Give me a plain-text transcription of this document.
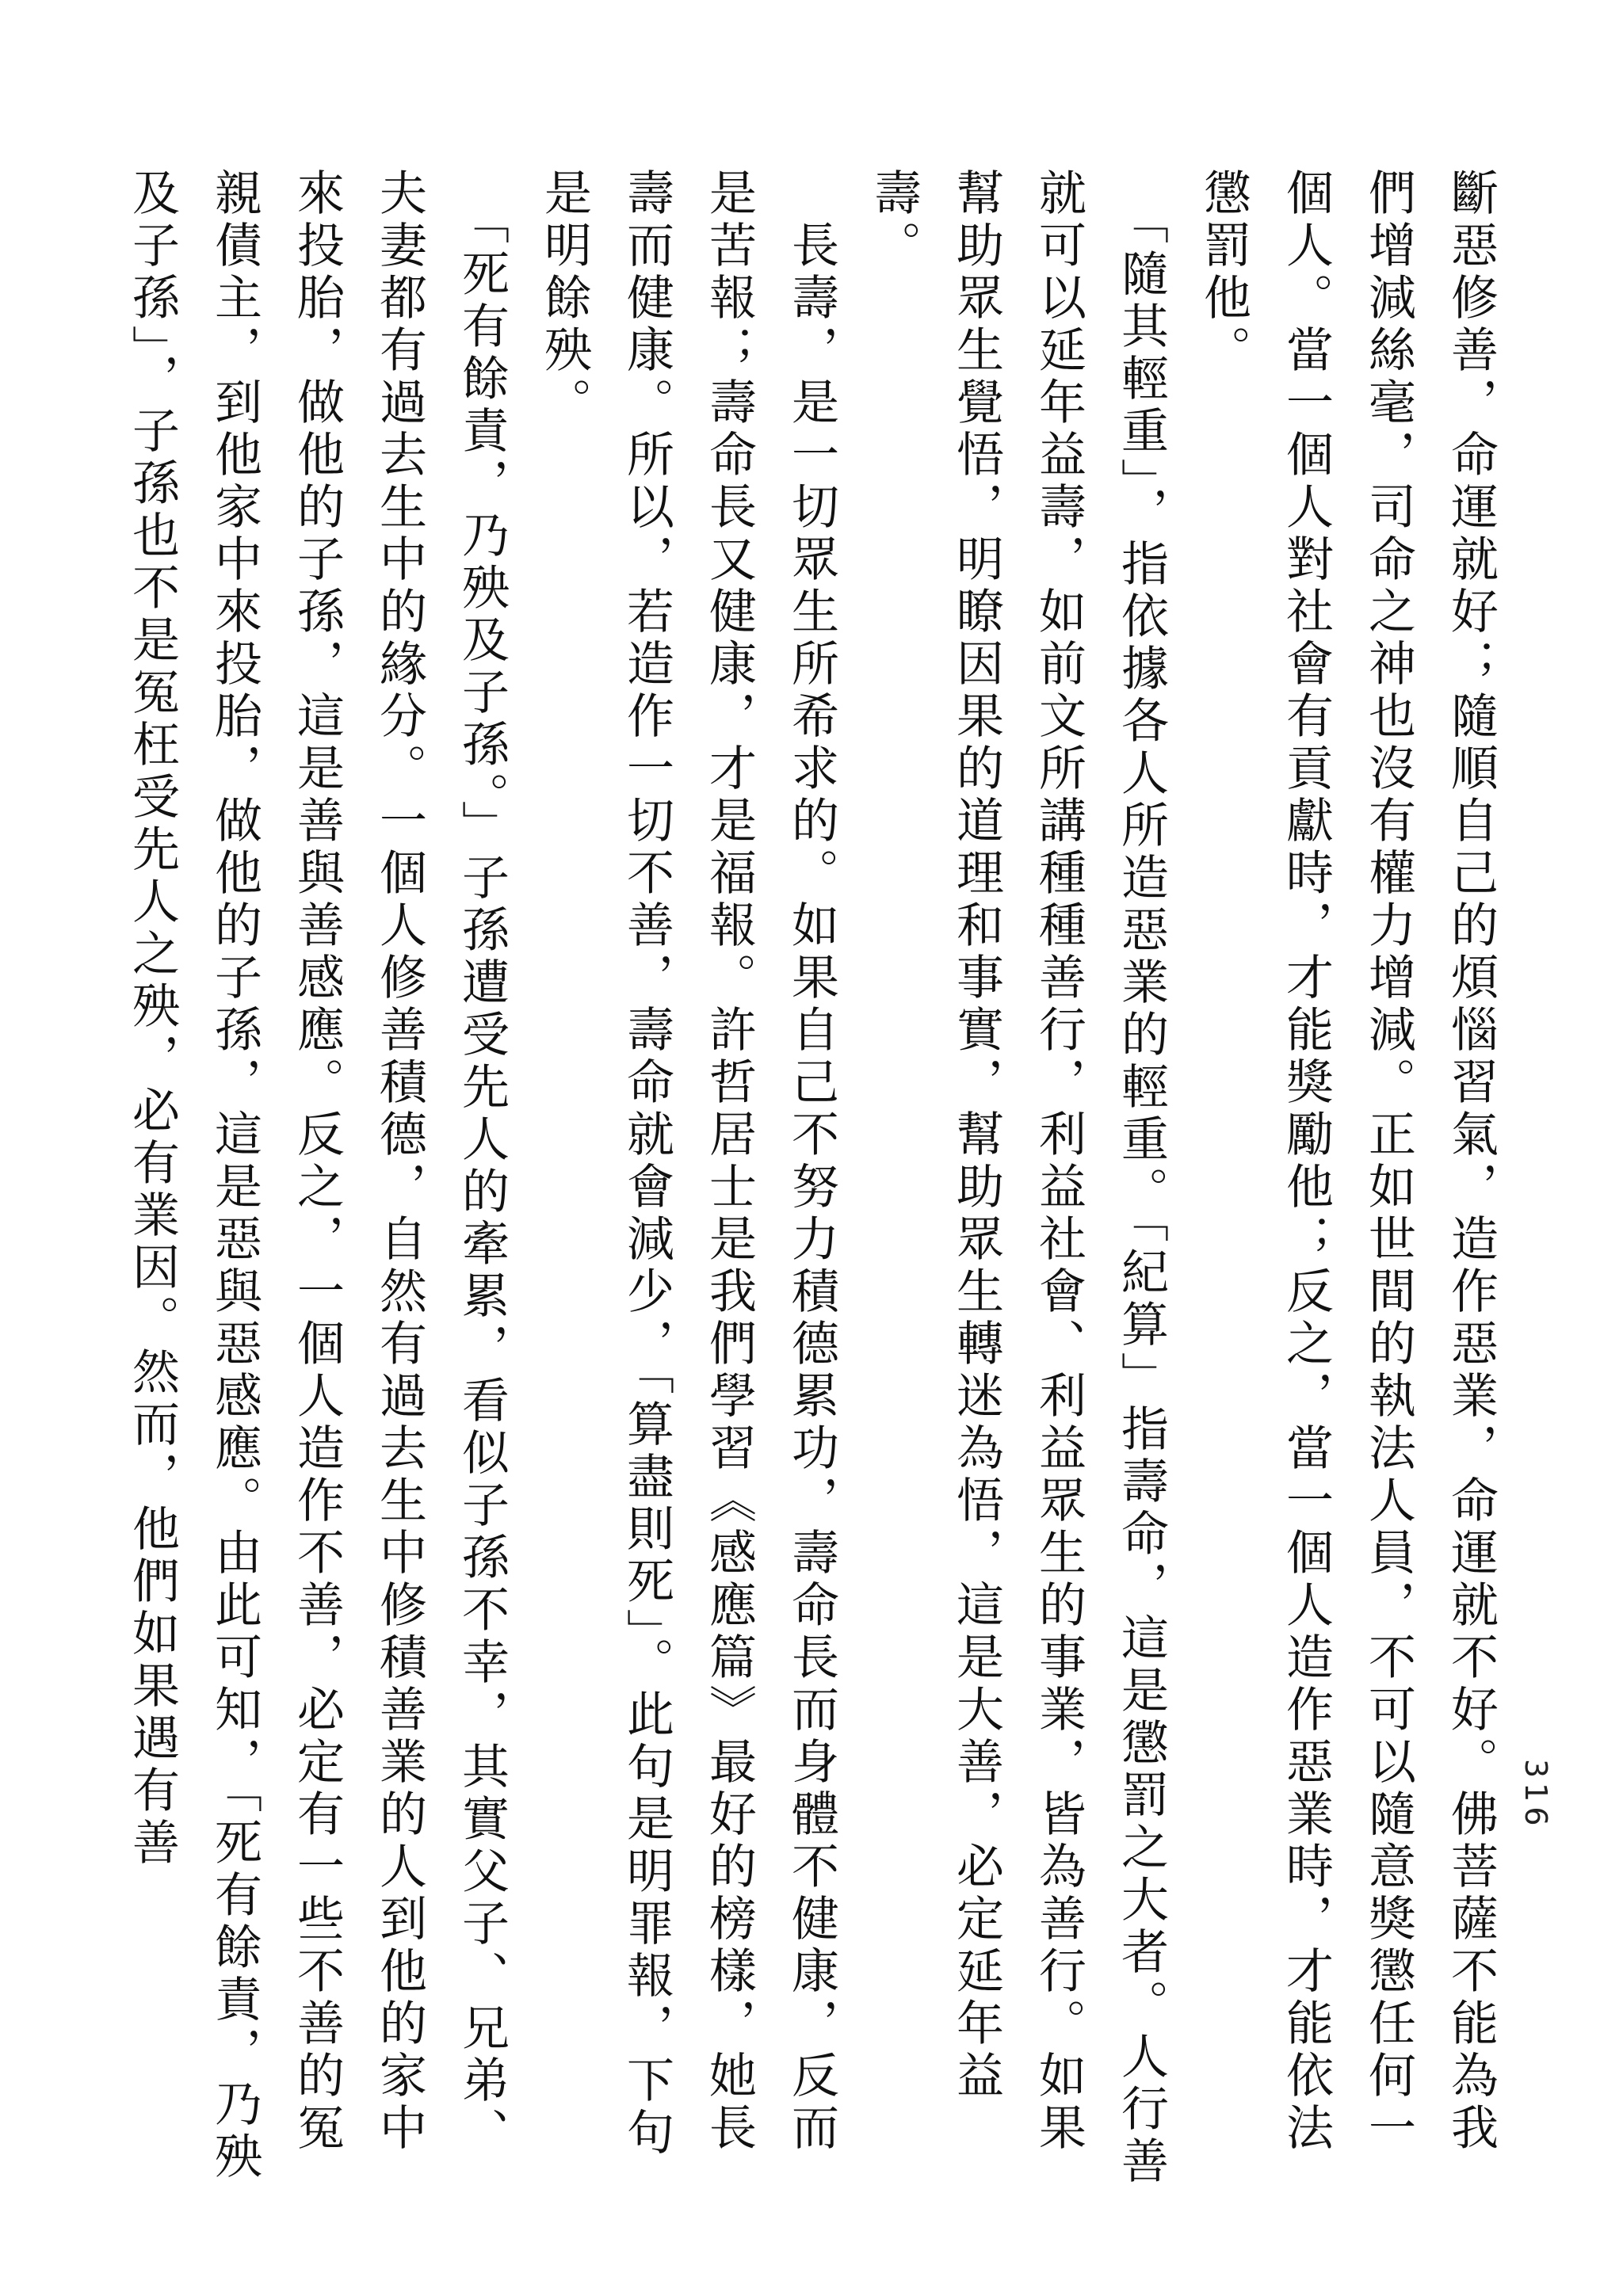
316

斷惡修善，命運就好；隨順自己的煩惱習氣，造作惡業，命運就不好。佛菩薩不能為我們增減絲毫，司命之神也沒有權力增減。正如世間的執法人員，不可以隨意獎懲任何一個人。當一個人對社會有貢獻時，才能獎勵他；反之，當一個人造作惡業時，才能依法懲罰他。

　「隨其輕重」，指依據各人所造惡業的輕重。「紀算」指壽命，這是懲罰之大者。人行善就可以延年益壽，如前文所講種種善行，利益社會、利益眾生的事業，皆為善行。如果幫助眾生覺悟，明瞭因果的道理和事實，幫助眾生轉迷為悟，這是大善，必定延年益壽。

　長壽，是一切眾生所希求的。如果自己不努力積德累功，壽命長而身體不健康，反而是苦報；壽命長又健康，才是福報。許哲居士是我們學習《感應篇》最好的榜樣，她長壽而健康。所以，若造作一切不善，壽命就會減少，「算盡則死」。此句是明罪報，下句是明餘殃。

　「死有餘責，乃殃及子孫。」子孫遭受先人的牽累，看似子孫不幸，其實父子、兄弟、夫妻都有過去生中的緣分。一個人修善積德，自然有過去生中修積善業的人到他的家中來投胎，做他的子孫，這是善與善感應。反之，一個人造作不善，必定有一些不善的冤親債主，到他家中來投胎，做他的子孫，這是惡與惡感應。由此可知，「死有餘責，乃殃及子孫」，子孫也不是冤枉受先人之殃，必有業因。然而，他們如果遇有善
